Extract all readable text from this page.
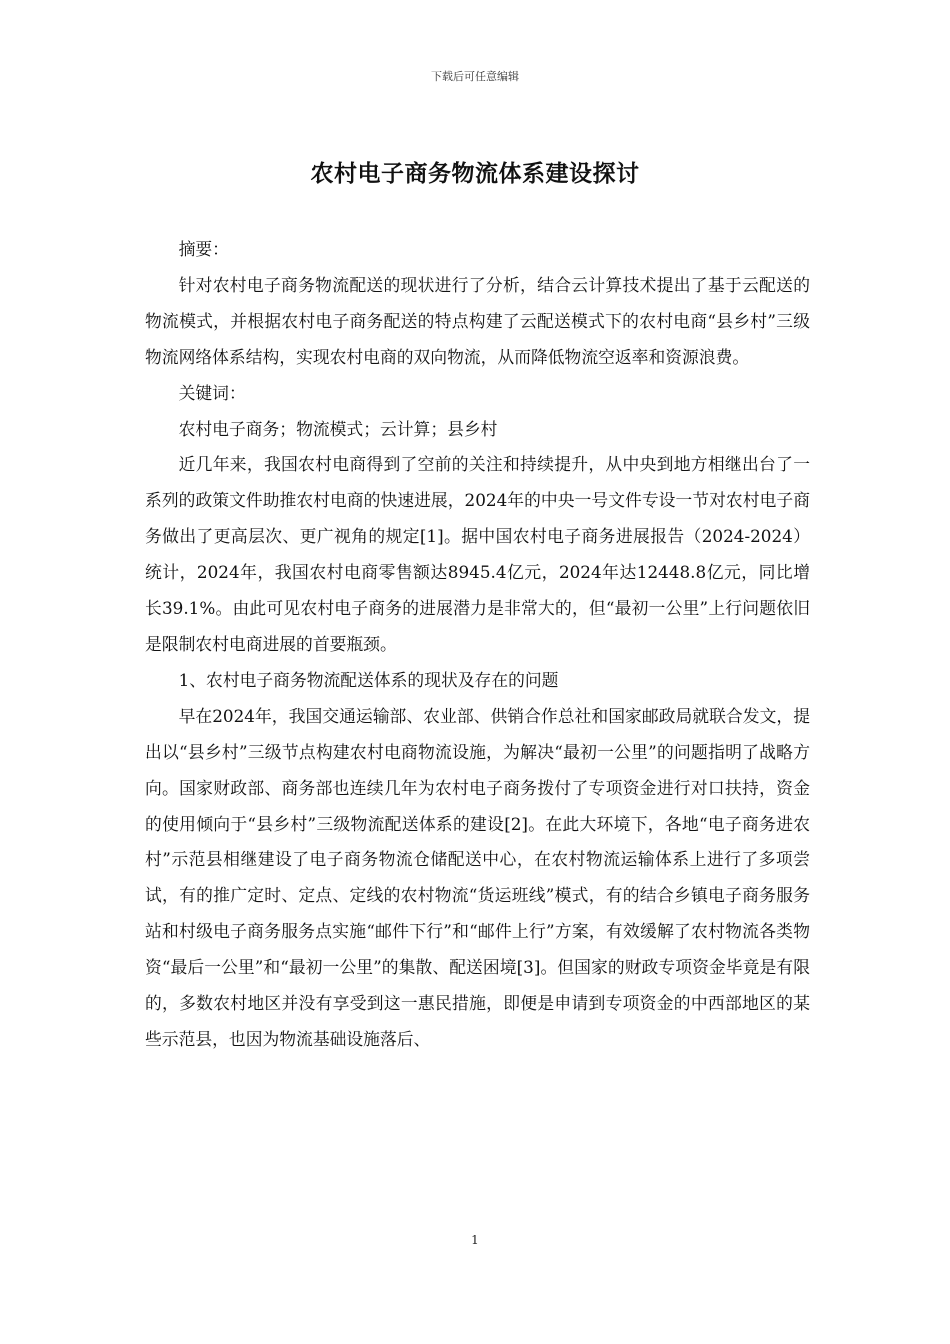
下载后可任意编辑
农村电子商务物流体系建设探讨

摘要：

针对农村电子商务物流配送的现状进行了分析，结合云计算技术提出了基于云配送的物流模式，并根据农村电子商务配送的特点构建了云配送模式下的农村电商“县乡村”三级物流网络体系结构，实现农村电商的双向物流，从而降低物流空返率和资源浪费。

关键词：

农村电子商务；物流模式；云计算；县乡村

近几年来，我国农村电商得到了空前的关注和持续提升，从中央到地方相继出台了一系列的政策文件助推农村电商的快速进展，2024年的中央一号文件专设一节对农村电子商务做出了更高层次、更广视角的规定[1]。据中国农村电子商务进展报告（2024-2024）统计，2024年，我国农村电商零售额达8945.4亿元，2024年达12448.8亿元，同比增长39.1%。由此可见农村电子商务的进展潜力是非常大的，但“最初一公里”上行问题依旧是限制农村电商进展的首要瓶颈。

1、农村电子商务物流配送体系的现状及存在的问题

早在2024年，我国交通运输部、农业部、供销合作总社和国家邮政局就联合发文，提出以“县乡村”三级节点构建农村电商物流设施，为解决“最初一公里”的问题指明了战略方向。国家财政部、商务部也连续几年为农村电子商务拨付了专项资金进行对口扶持，资金的使用倾向于“县乡村”三级物流配送体系的建设[2]。在此大环境下，各地“电子商务进农村”示范县相继建设了电子商务物流仓储配送中心，在农村物流运输体系上进行了多项尝试，有的推广定时、定点、定线的农村物流“货运班线”模式，有的结合乡镇电子商务服务站和村级电子商务服务点实施“邮件下行”和“邮件上行”方案，有效缓解了农村物流各类物资“最后一公里”和“最初一公里”的集散、配送困境[3]。但国家的财政专项资金毕竟是有限的，多数农村地区并没有享受到这一惠民措施，即便是申请到专项资金的中西部地区的某些示范县，也因为物流基础设施落后、

1
